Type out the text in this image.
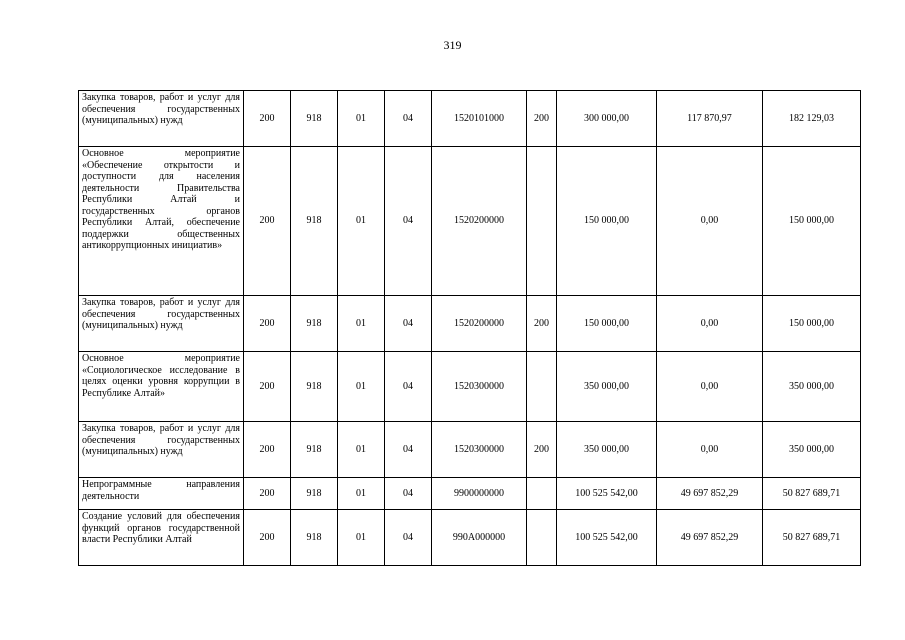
319
Закупка товаров, работ и услуг для обеспечения государственных (муниципальных) нужд	200	918	01	04	1520101000	200	300 000,00	117 870,97	182 129,03
Основное мероприятие «Обеспечение открытости и доступности для населения деятельности Правительства Республики Алтай и государственных органов Республики Алтай, обеспечение поддержки общественных антикоррупционных инициатив»	200	918	01	04	1520200000		150 000,00	0,00	150 000,00
Закупка товаров, работ и услуг для обеспечения государственных (муниципальных) нужд	200	918	01	04	1520200000	200	150 000,00	0,00	150 000,00
Основное мероприятие «Социологическое исследование в целях оценки уровня коррупции в Республике Алтай»	200	918	01	04	1520300000		350 000,00	0,00	350 000,00
Закупка товаров, работ и услуг для обеспечения государственных (муниципальных) нужд	200	918	01	04	1520300000	200	350 000,00	0,00	350 000,00
Непрограммные направления деятельности	200	918	01	04	9900000000		100 525 542,00	49 697 852,29	50 827 689,71
Создание условий для обеспечения функций органов государственной власти Республики Алтай	200	918	01	04	990А000000		100 525 542,00	49 697 852,29	50 827 689,71
